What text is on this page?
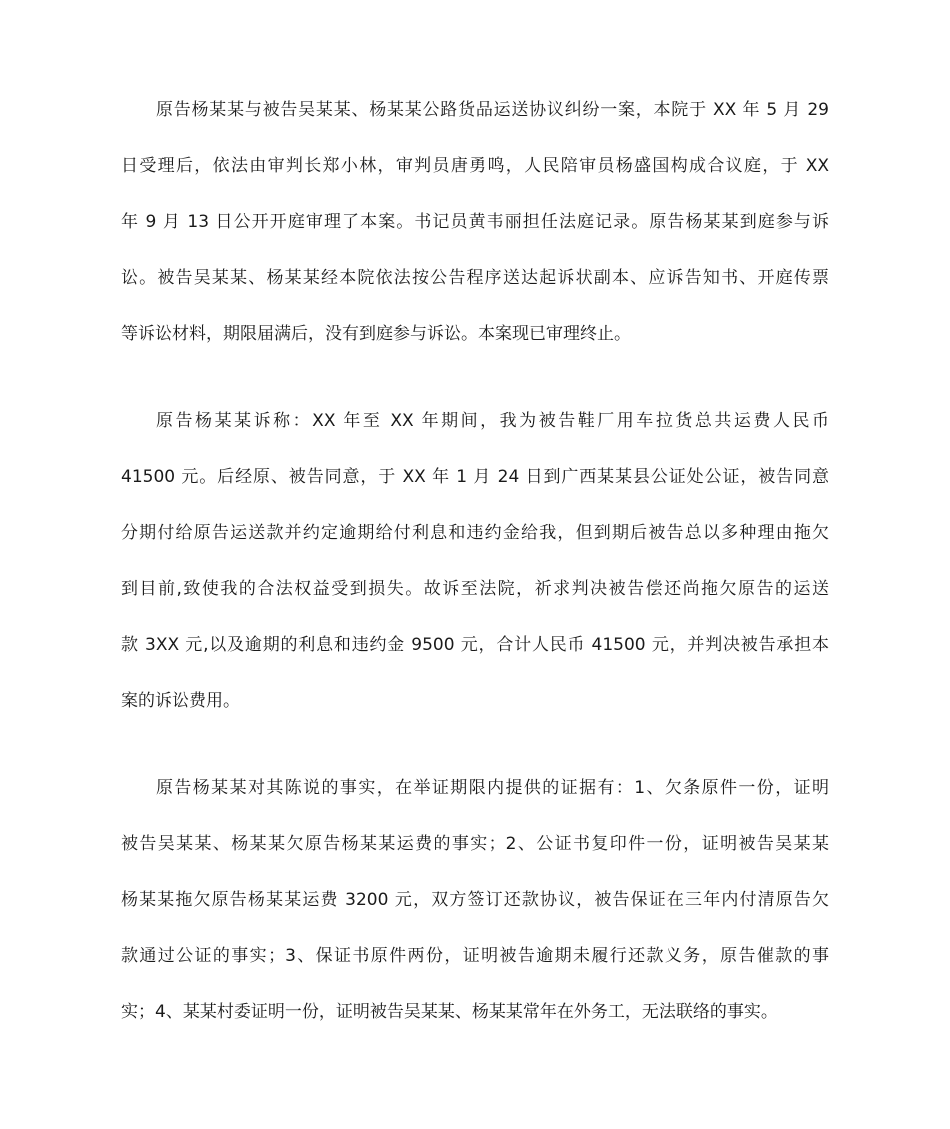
原告杨某某与被告吴某某、杨某某公路货品运送协议纠纷一案，本院于 XX 年 5 月 29
日受理后，依法由审判长郑小林，审判员唐勇鸣，人民陪审员杨盛国构成合议庭，于 XX
年 9 月 13 日公开开庭审理了本案。书记员黄韦丽担任法庭记录。原告杨某某到庭参与诉
讼。被告吴某某、杨某某经本院依法按公告程序送达起诉状副本、应诉告知书、开庭传票
等诉讼材料，期限届满后，没有到庭参与诉讼。本案现已审理终止。
原告杨某某诉称：XX 年至 XX 年期间，我为被告鞋厂用车拉货总共运费人民币
41500 元。后经原、被告同意，于 XX 年 1 月 24 日到广西某某县公证处公证，被告同意
分期付给原告运送款并约定逾期给付利息和违约金给我，但到期后被告总以多种理由拖欠
到目前,致使我的合法权益受到损失。故诉至法院，祈求判决被告偿还尚拖欠原告的运送
款 3XX 元,以及逾期的利息和违约金 9500 元，合计人民币 41500 元，并判决被告承担本
案的诉讼费用。
原告杨某某对其陈说的事实，在举证期限内提供的证据有：1、欠条原件一份，证明
被告吴某某、杨某某欠原告杨某某运费的事实；2、公证书复印件一份，证明被告吴某某
杨某某拖欠原告杨某某运费 3200 元，双方签订还款协议，被告保证在三年内付清原告欠
款通过公证的事实；3、保证书原件两份，证明被告逾期未履行还款义务，原告催款的事
实；4、某某村委证明一份，证明被告吴某某、杨某某常年在外务工，无法联络的事实。
